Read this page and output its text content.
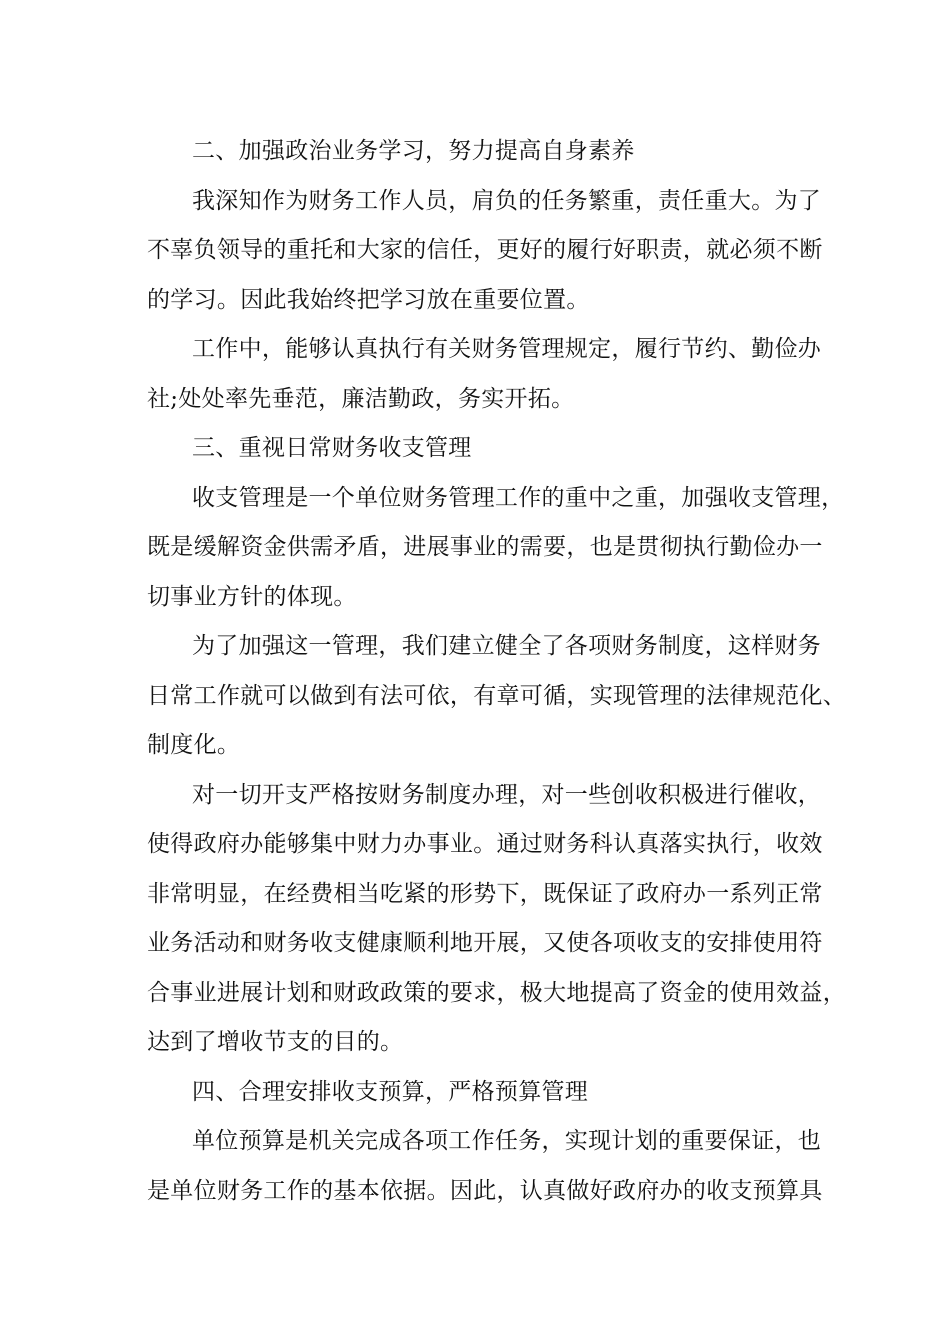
二、加强政治业务学习，努力提高自身素养

我深知作为财务工作人员，肩负的任务繁重，责任重大。为了
不辜负领导的重托和大家的信任，更好的履行好职责，就必须不断
的学习。因此我始终把学习放在重要位置。

工作中，能够认真执行有关财务管理规定，履行节约、勤俭办
社;处处率先垂范，廉洁勤政，务实开拓。

三、重视日常财务收支管理

收支管理是一个单位财务管理工作的重中之重，加强收支管理，
既是缓解资金供需矛盾，进展事业的需要，也是贯彻执行勤俭办一
切事业方针的体现。

为了加强这一管理，我们建立健全了各项财务制度，这样财务
日常工作就可以做到有法可依，有章可循，实现管理的法律规范化、
制度化。

对一切开支严格按财务制度办理，对一些创收积极进行催收，
使得政府办能够集中财力办事业。通过财务科认真落实执行，收效
非常明显，在经费相当吃紧的形势下，既保证了政府办一系列正常
业务活动和财务收支健康顺利地开展，又使各项收支的安排使用符
合事业进展计划和财政政策的要求，极大地提高了资金的使用效益，
达到了增收节支的目的。

四、合理安排收支预算，严格预算管理

单位预算是机关完成各项工作任务，实现计划的重要保证，也
是单位财务工作的基本依据。因此，认真做好政府办的收支预算具
